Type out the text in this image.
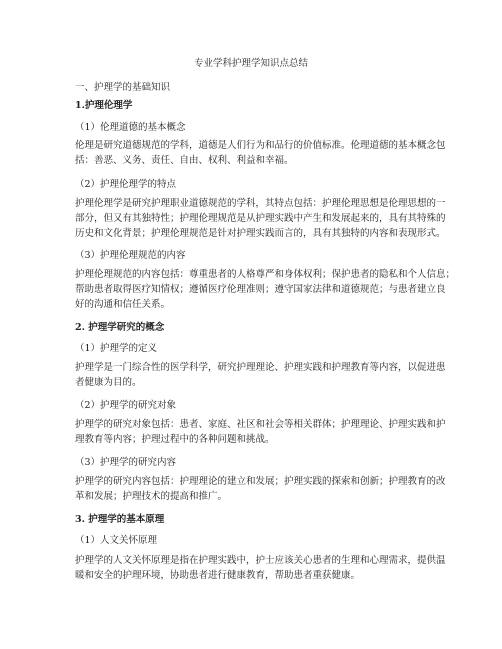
专业学科护理学知识点总结
一、护理学的基础知识
1.护理伦理学
（1）伦理道德的基本概念
伦理是研究道德规范的学科，道德是人们行为和品行的价值标准。伦理道德的基本概念包
括：善恶、义务、责任、自由、权利、利益和幸福。
（2）护理伦理学的特点
护理伦理学是研究护理职业道德规范的学科，其特点包括：护理伦理思想是伦理思想的一
部分，但又有其独特性；护理伦理规范是从护理实践中产生和发展起来的，具有其特殊的
历史和文化背景；护理伦理规范是针对护理实践而言的，具有其独特的内容和表现形式。
（3）护理伦理规范的内容
护理伦理规范的内容包括：尊重患者的人格尊严和身体权利；保护患者的隐私和个人信息；
帮助患者取得医疗知情权；遵循医疗伦理准则；遵守国家法律和道德规范；与患者建立良
好的沟通和信任关系。
2. 护理学研究的概念
（1）护理学的定义
护理学是一门综合性的医学科学，研究护理理论、护理实践和护理教育等内容，以促进患
者健康为目的。
（2）护理学的研究对象
护理学的研究对象包括：患者、家庭、社区和社会等相关群体；护理理论、护理实践和护
理教育等内容；护理过程中的各种问题和挑战。
（3）护理学的研究内容
护理学的研究内容包括：护理理论的建立和发展；护理实践的探索和创新；护理教育的改
革和发展；护理技术的提高和推广。
3. 护理学的基本原理
（1）人文关怀原理
护理学的人文关怀原理是指在护理实践中，护士应该关心患者的生理和心理需求，提供温
暖和安全的护理环境，协助患者进行健康教育，帮助患者重获健康。
